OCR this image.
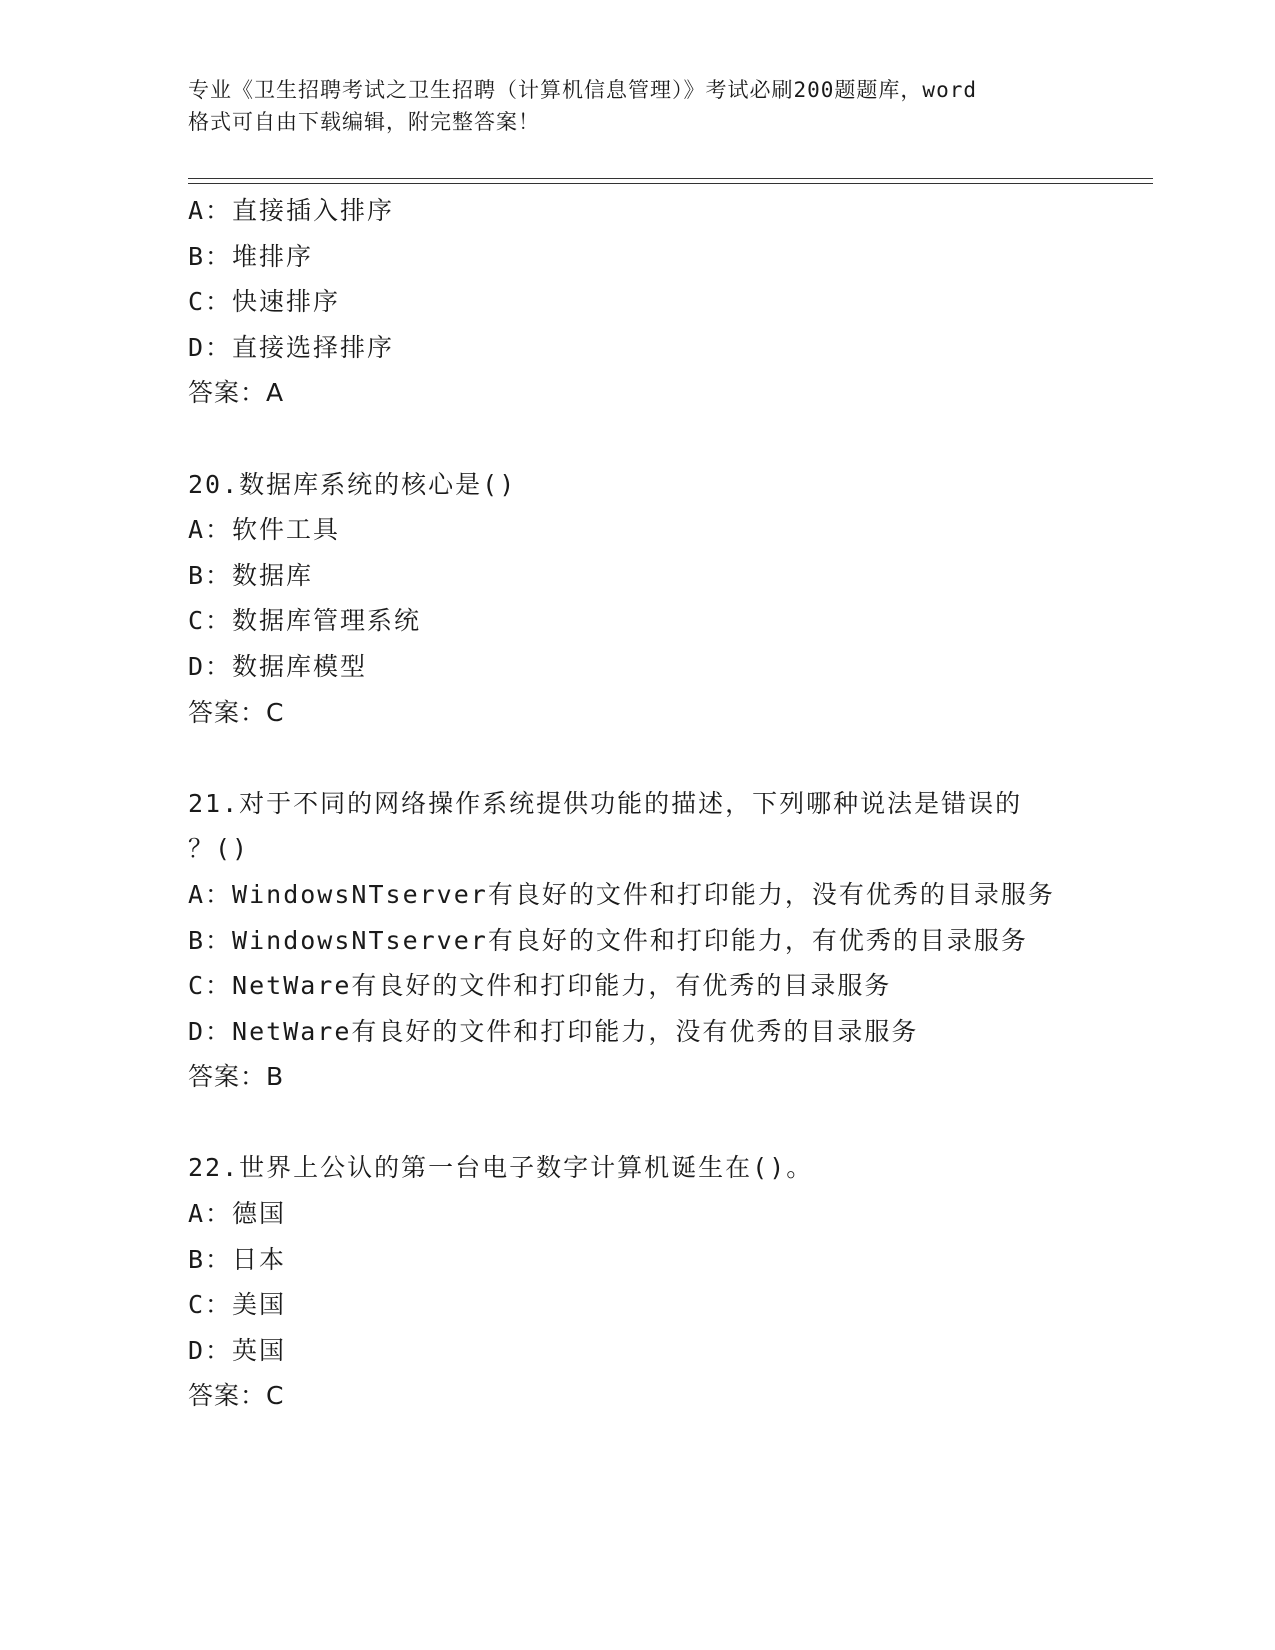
专业《卫生招聘考试之卫生招聘（计算机信息管理）》考试必刷200题题库，word
格式可自由下载编辑，附完整答案！
A：直接插入排序
B：堆排序
C：快速排序
D：直接选择排序
答案：A
20.数据库系统的核心是()
A：软件工具
B：数据库
C：数据库管理系统
D：数据库模型
答案：C
21.对于不同的网络操作系统提供功能的描述，下列哪种说法是错误的
？()
A：WindowsNTserver有良好的文件和打印能力，没有优秀的目录服务
B：WindowsNTserver有良好的文件和打印能力，有优秀的目录服务
C：NetWare有良好的文件和打印能力，有优秀的目录服务
D：NetWare有良好的文件和打印能力，没有优秀的目录服务
答案：B
22.世界上公认的第一台电子数字计算机诞生在()。
A：德国
B：日本
C：美国
D：英国
答案：C
